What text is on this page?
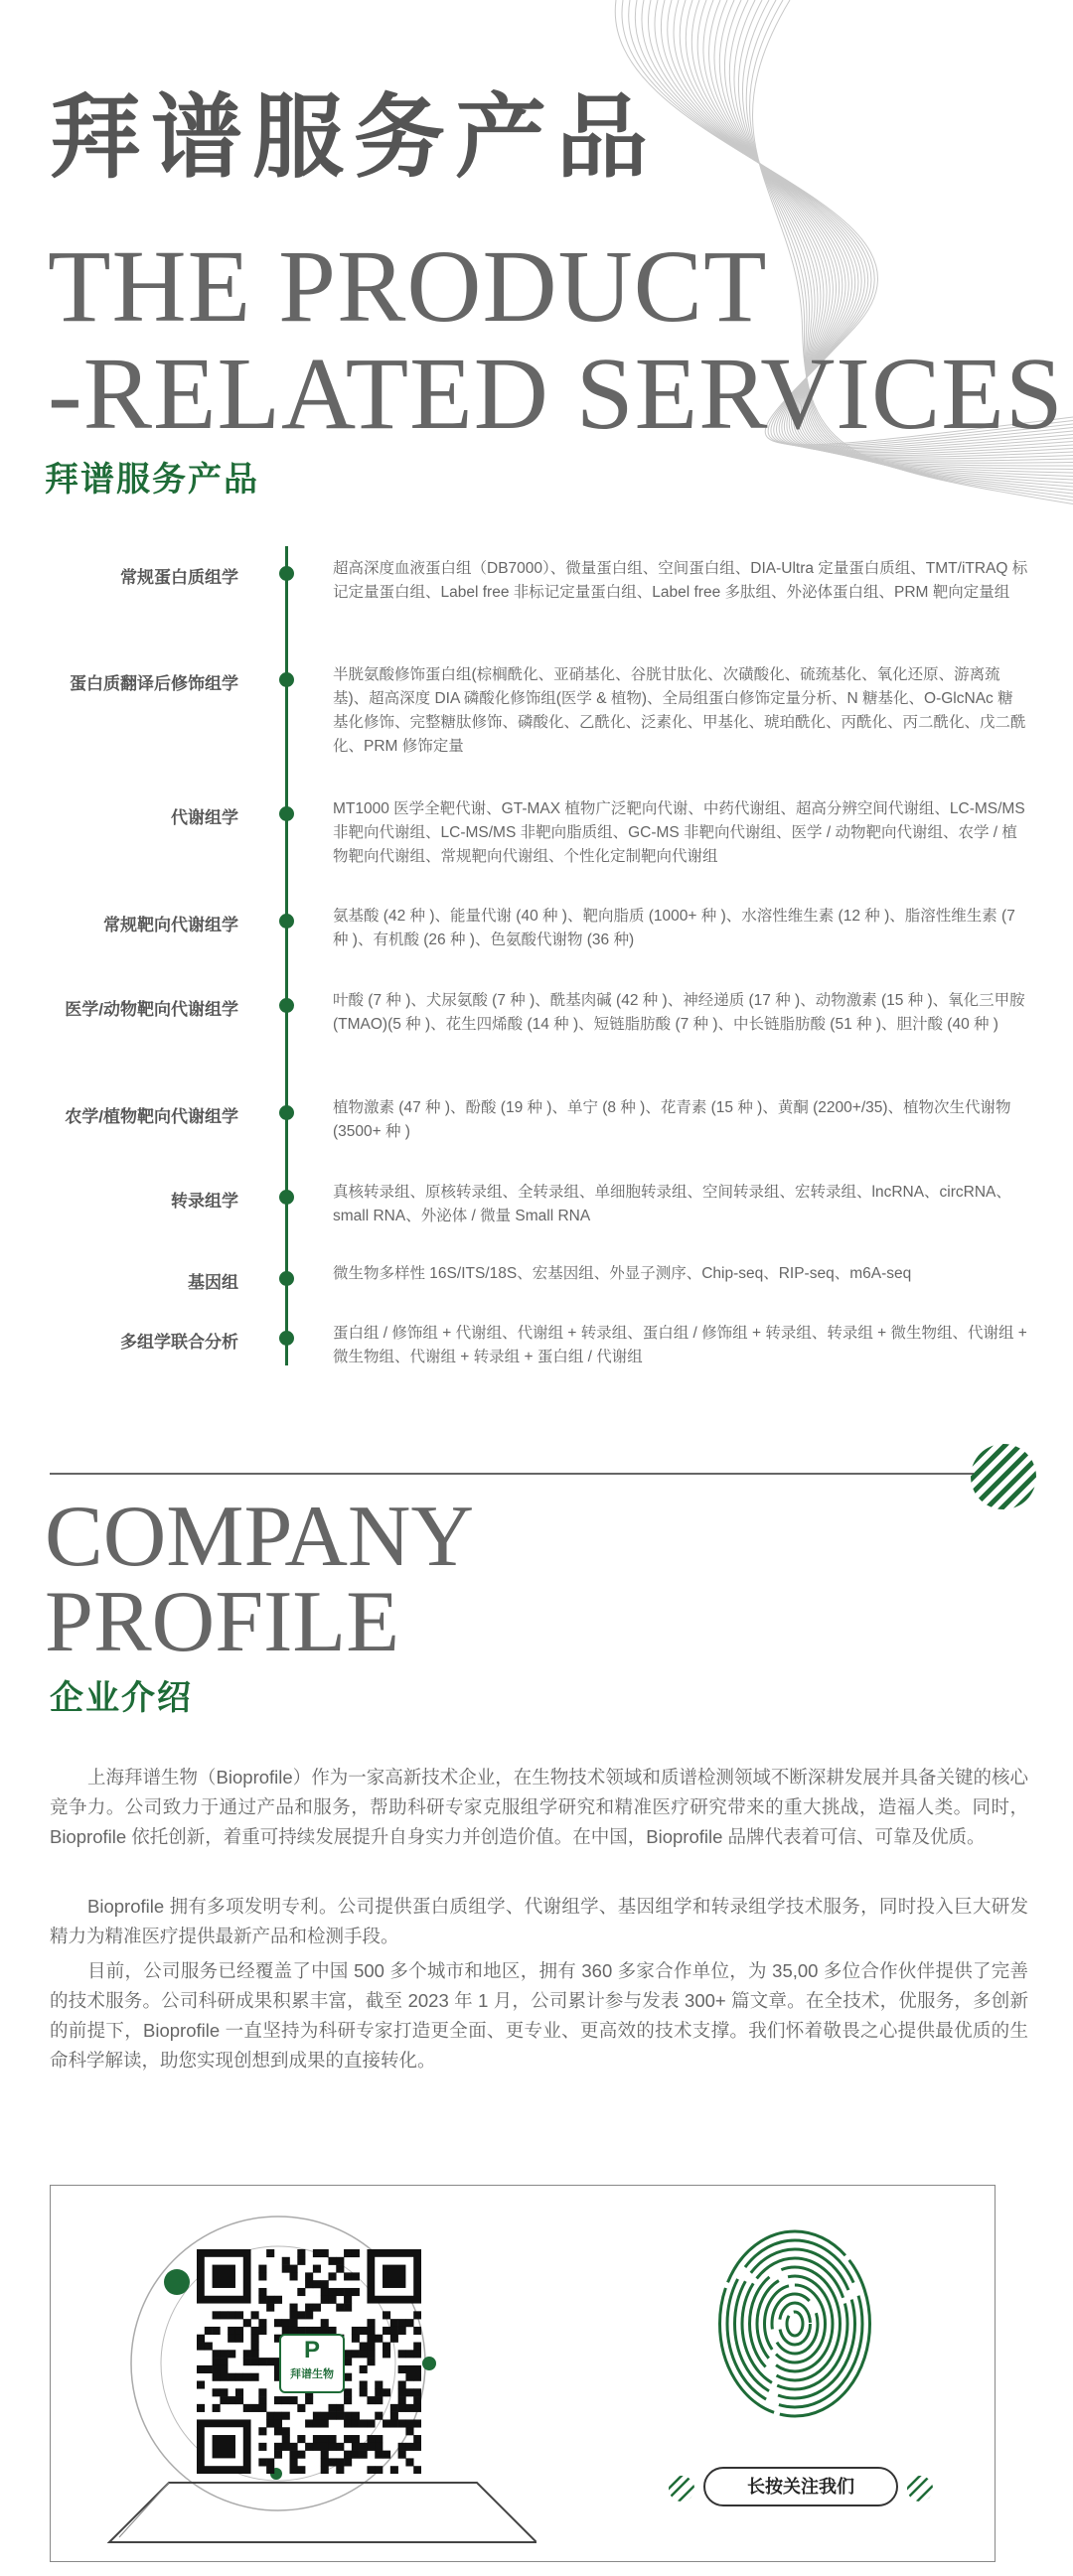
拜谱服务产品
THE PRODUCT
-RELATED SERVICES
拜谱服务产品
常规蛋白质组学	超高深度血液蛋白组（DB7000）、微量蛋白组、空间蛋白组、DIA-Ultra 定量蛋白质组、TMT/iTRAQ 标记定量蛋白组、Label free 非标记定量蛋白组、Label free 多肽组、外泌体蛋白组、PRM 靶向定量组
蛋白质翻译后修饰组学	半胱氨酸修饰蛋白组(棕榈酰化、亚硝基化、谷胱甘肽化、次磺酸化、硫巯基化、氧化还原、游离巯基)、超高深度 DIA 磷酸化修饰组(医学 & 植物)、全局组蛋白修饰定量分析、N 糖基化、O-GlcNAc 糖基化修饰、完整糖肽修饰、磷酸化、乙酰化、泛素化、甲基化、琥珀酰化、丙酰化、丙二酰化、戊二酰化、PRM 修饰定量
代谢组学	MT1000 医学全靶代谢、GT-MAX 植物广泛靶向代谢、中药代谢组、超高分辨空间代谢组、LC-MS/MS 非靶向代谢组、LC-MS/MS 非靶向脂质组、GC-MS 非靶向代谢组、医学 / 动物靶向代谢组、农学 / 植物靶向代谢组、常规靶向代谢组、个性化定制靶向代谢组
常规靶向代谢组学	氨基酸 (42 种 )、能量代谢 (40 种 )、靶向脂质 (1000+ 种 )、水溶性维生素 (12 种 )、脂溶性维生素 (7 种 )、有机酸 (26 种 )、色氨酸代谢物 (36 种)
医学/动物靶向代谢组学	叶酸 (7 种 )、犬尿氨酸 (7 种 )、酰基肉碱 (42 种 )、神经递质 (17 种 )、动物激素 (15 种 )、氧化三甲胺 (TMAO)(5 种 )、花生四烯酸 (14 种 )、短链脂肪酸 (7 种 )、中长链脂肪酸 (51 种 )、胆汁酸 (40 种 )
农学/植物靶向代谢组学	植物激素 (47 种 )、酚酸 (19 种 )、单宁 (8 种 )、花青素 (15 种 )、黄酮 (2200+/35)、植物次生代谢物 (3500+ 种 )
转录组学	真核转录组、原核转录组、全转录组、单细胞转录组、空间转录组、宏转录组、lncRNA、circRNA、small RNA、外泌体 / 微量 Small RNA
基因组	微生物多样性 16S/ITS/18S、宏基因组、外显子测序、Chip-seq、RIP-seq、m6A-seq
多组学联合分析	蛋白组 / 修饰组 + 代谢组、代谢组 + 转录组、蛋白组 / 修饰组 + 转录组、转录组 + 微生物组、代谢组 + 微生物组、代谢组 + 转录组 + 蛋白组 / 代谢组
COMPANY
PROFILE
企业介绍
上海拜谱生物（Bioprofile）作为一家高新技术企业，在生物技术领域和质谱检测领域不断深耕发展并具备关键的核心竞争力。公司致力于通过产品和服务，帮助科研专家克服组学研究和精准医疗研究带来的重大挑战，造福人类。同时，Bioprofile 依托创新，着重可持续发展提升自身实力并创造价值。在中国，Bioprofile 品牌代表着可信、可靠及优质。
Bioprofile 拥有多项发明专利。公司提供蛋白质组学、代谢组学、基因组学和转录组学技术服务，同时投入巨大研发精力为精准医疗提供最新产品和检测手段。
目前，公司服务已经覆盖了中国 500 多个城市和地区，拥有 360 多家合作单位，为 35,00 多位合作伙伴提供了完善的技术服务。公司科研成果积累丰富，截至 2023 年 1 月，公司累计参与发表 300+ 篇文章。在全技术，优服务，多创新的前提下，Bioprofile 一直坚持为科研专家打造更全面、更专业、更高效的技术支撑。我们怀着敬畏之心提供最优质的生命科学解读，助您实现创想到成果的直接转化。
P
拜谱生物
长按关注我们
